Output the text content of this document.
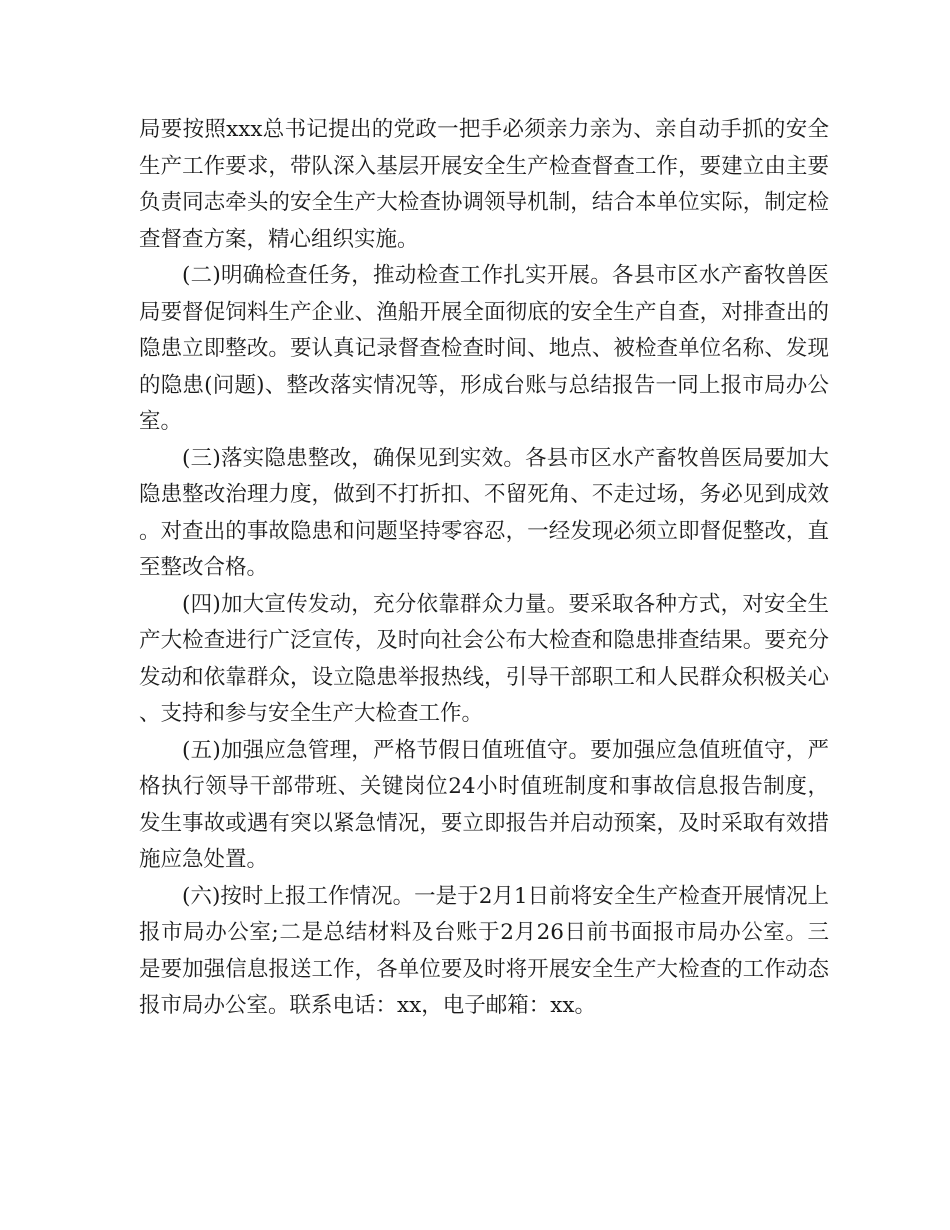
局要按照xxx总书记提出的党政一把手必须亲力亲为、亲自动手抓的安全生产工作要求，带队深入基层开展安全生产检查督查工作，要建立由主要负责同志牵头的安全生产大检查协调领导机制，结合本单位实际，制定检查督查方案，精心组织实施。

(二)明确检查任务，推动检查工作扎实开展。各县市区水产畜牧兽医局要督促饲料生产企业、渔船开展全面彻底的安全生产自查，对排查出的隐患立即整改。要认真记录督查检查时间、地点、被检查单位名称、发现的隐患(问题)、整改落实情况等，形成台账与总结报告一同上报市局办公室。

(三)落实隐患整改，确保见到实效。各县市区水产畜牧兽医局要加大隐患整改治理力度，做到不打折扣、不留死角、不走过场，务必见到成效。对查出的事故隐患和问题坚持零容忍，一经发现必须立即督促整改，直至整改合格。

(四)加大宣传发动，充分依靠群众力量。要采取各种方式，对安全生产大检查进行广泛宣传，及时向社会公布大检查和隐患排查结果。要充分发动和依靠群众，设立隐患举报热线，引导干部职工和人民群众积极关心、支持和参与安全生产大检查工作。

(五)加强应急管理，严格节假日值班值守。要加强应急值班值守，严格执行领导干部带班、关键岗位24小时值班制度和事故信息报告制度，发生事故或遇有突以紧急情况，要立即报告并启动预案，及时采取有效措施应急处置。

(六)按时上报工作情况。一是于2月1日前将安全生产检查开展情况上报市局办公室;二是总结材料及台账于2月26日前书面报市局办公室。三是要加强信息报送工作，各单位要及时将开展安全生产大检查的工作动态报市局办公室。联系电话：xx，电子邮箱：xx。
